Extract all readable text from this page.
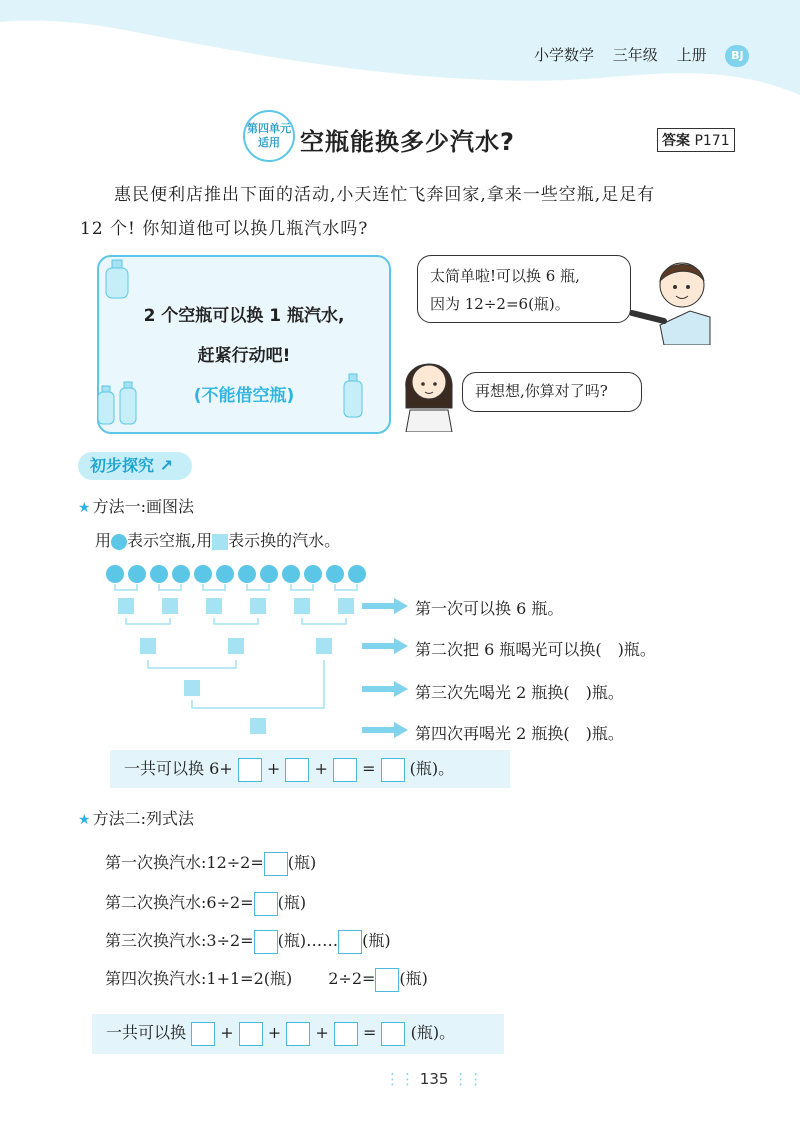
小学数学 三年级 上册 BJ
第四单元
适用 空瓶能换多少汽水?	答案 P171
惠民便利店推出下面的活动,小天连忙飞奔回家,拿来一些空瓶,足足有
12 个! 你知道他可以换几瓶汽水吗?
2 个空瓶可以换 1 瓶汽水,
赶紧行动吧!
(不能借空瓶)
太简单啦!可以换 6 瓶,
因为 12÷2=6(瓶)。
再想想,你算对了吗?
初步探究 ↗
★ 方法一:画图法
用 表示空瓶,用 表示换的汽水。
第一次可以换 6 瓶。
第二次把 6 瓶喝光可以换(　)瓶。
第三次先喝光 2 瓶换(　)瓶。
第四次再喝光 2 瓶换(　)瓶。
一共可以换 6+ + + = (瓶)。
★ 方法二:列式法
第一次换汽水:12÷2= (瓶)
第二次换汽水:6÷2= (瓶)
第三次换汽水:3÷2= (瓶)…… (瓶)
第四次换汽水:1+1=2(瓶) 2÷2= (瓶)
一共可以换 + + + = (瓶)。
⋮⋮ 135 ⋮⋮
